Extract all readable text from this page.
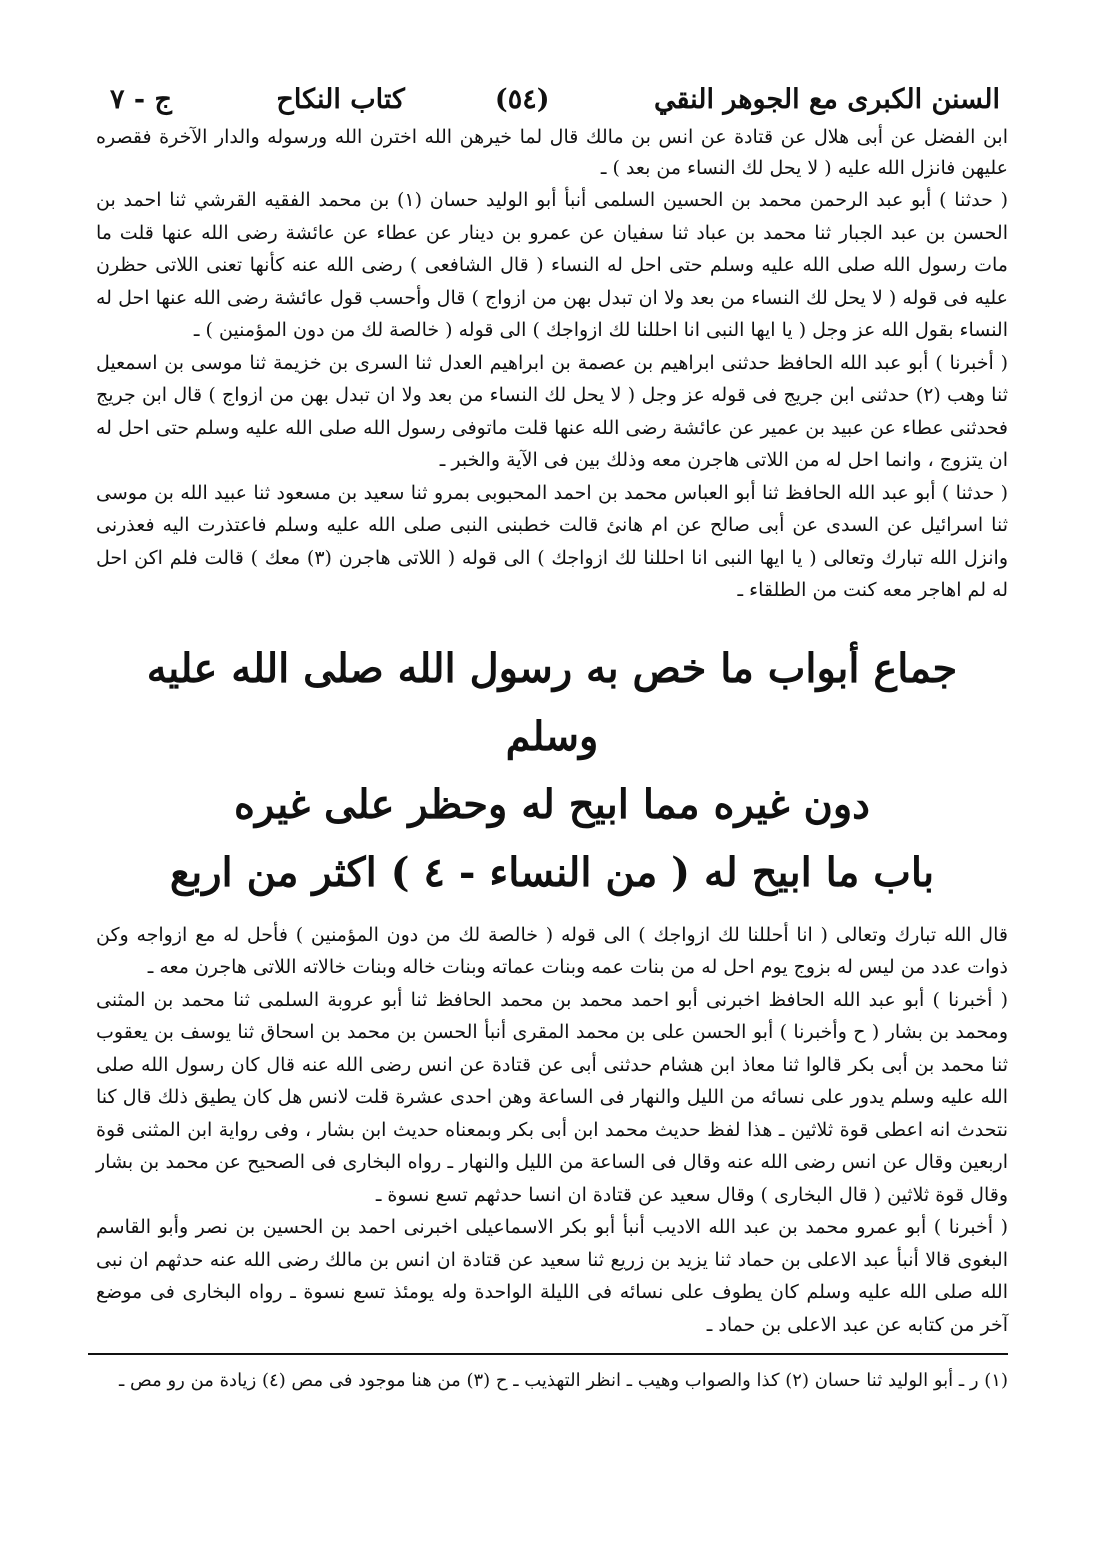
السنن الكبرى مع الجوهر النقي
(٥٤)
كتاب النكاح
ج - ٧

ابن الفضل عن أبى هلال عن قتادة عن انس بن مالك قال لما خيرهن الله اخترن الله ورسوله والدار الآخرة فقصره عليهن فانزل الله عليه ( لا يحل لك النساء من بعد ) ـ

( حدثنا ) أبو عبد الرحمن محمد بن الحسين السلمى أنبأ أبو الوليد حسان (١) بن محمد الفقيه القرشي ثنا احمد بن الحسن بن عبد الجبار ثنا محمد بن عباد ثنا سفيان عن عمرو بن دينار عن عطاء عن عائشة رضى الله عنها قلت ما مات رسول الله صلى الله عليه وسلم حتى احل له النساء ( قال الشافعى ) رضى الله عنه كأنها تعنى اللاتى حظرن عليه فى قوله ( لا يحل لك النساء من بعد ولا ان تبدل بهن من ازواج ) قال وأحسب قول عائشة رضى الله عنها احل له النساء بقول الله عز وجل ( يا ايها النبى انا احللنا لك ازواجك ) الى قوله ( خالصة لك من دون المؤمنين ) ـ

( أخبرنا ) أبو عبد الله الحافظ حدثنى ابراهيم بن عصمة بن ابراهيم العدل ثنا السرى بن خزيمة ثنا موسى بن اسمعيل ثنا وهب (٢) حدثنى ابن جريج فى قوله عز وجل ( لا يحل لك النساء من بعد ولا ان تبدل بهن من ازواج ) قال ابن جريج فحدثنى عطاء عن عبيد بن عمير عن عائشة رضى الله عنها قلت ماتوفى رسول الله صلى الله عليه وسلم حتى احل له ان يتزوج ، وانما احل له من اللاتى هاجرن معه وذلك بين فى الآية والخبر ـ

( حدثنا ) أبو عبد الله الحافظ ثنا أبو العباس محمد بن احمد المحبوبى بمرو ثنا سعيد بن مسعود ثنا عبيد الله بن موسى ثنا اسرائيل عن السدى عن أبى صالح عن ام هانئ قالت خطبنى النبى صلى الله عليه وسلم فاعتذرت اليه فعذرنى وانزل الله تبارك وتعالى ( يا ايها النبى انا احللنا لك ازواجك ) الى قوله ( اللاتى هاجرن (٣) معك ) قالت فلم اكن احل له لم اهاجر معه كنت من الطلقاء ـ

جماع أبواب ما خص به رسول الله صلى الله عليه وسلم
دون غيره مما ابيح له وحظر على غيره
باب ما ابيح له ( من النساء - ٤ ) اكثر من اربع

قال الله تبارك وتعالى ( انا أحللنا لك ازواجك ) الى قوله ( خالصة لك من دون المؤمنين ) فأحل له مع ازواجه وكن ذوات عدد من ليس له بزوج يوم احل له من بنات عمه وبنات عماته وبنات خاله وبنات خالاته اللاتى هاجرن معه ـ

( أخبرنا ) أبو عبد الله الحافظ اخبرنى أبو احمد محمد بن محمد الحافظ ثنا أبو عروبة السلمى ثنا محمد بن المثنى ومحمد بن بشار ( ح وأخبرنا ) أبو الحسن على بن محمد المقرى أنبأ الحسن بن محمد بن اسحاق ثنا يوسف بن يعقوب ثنا محمد بن أبى بكر قالوا ثنا معاذ ابن هشام حدثنى أبى عن قتادة عن انس رضى الله عنه قال كان رسول الله صلى الله عليه وسلم يدور على نسائه من الليل والنهار فى الساعة وهن احدى عشرة قلت لانس هل كان يطيق ذلك قال كنا نتحدث انه اعطى قوة ثلاثين ـ هذا لفظ حديث محمد ابن أبى بكر وبمعناه حديث ابن بشار ، وفى رواية ابن المثنى قوة اربعين وقال عن انس رضى الله عنه وقال فى الساعة من الليل والنهار ـ رواه البخارى فى الصحيح عن محمد بن بشار وقال قوة ثلاثين ( قال البخارى ) وقال سعيد عن قتادة ان انسا حدثهم تسع نسوة ـ

( أخبرنا ) أبو عمرو محمد بن عبد الله الاديب أنبأ أبو بكر الاسماعيلى اخبرنى احمد بن الحسين بن نصر وأبو القاسم البغوى قالا أنبأ عبد الاعلى بن حماد ثنا يزيد بن زريع ثنا سعيد عن قتادة ان انس بن مالك رضى الله عنه حدثهم ان نبى الله صلى الله عليه وسلم كان يطوف على نسائه فى الليلة الواحدة وله يومئذ تسع نسوة ـ رواه البخارى فى موضع آخر من كتابه عن عبد الاعلى بن حماد ـ

(١) ر ـ أبو الوليد ثنا حسان (٢) كذا والصواب وهيب ـ انظر التهذيب ـ ح (٣) من هنا موجود فى مص (٤) زيادة من رو مص ـ
